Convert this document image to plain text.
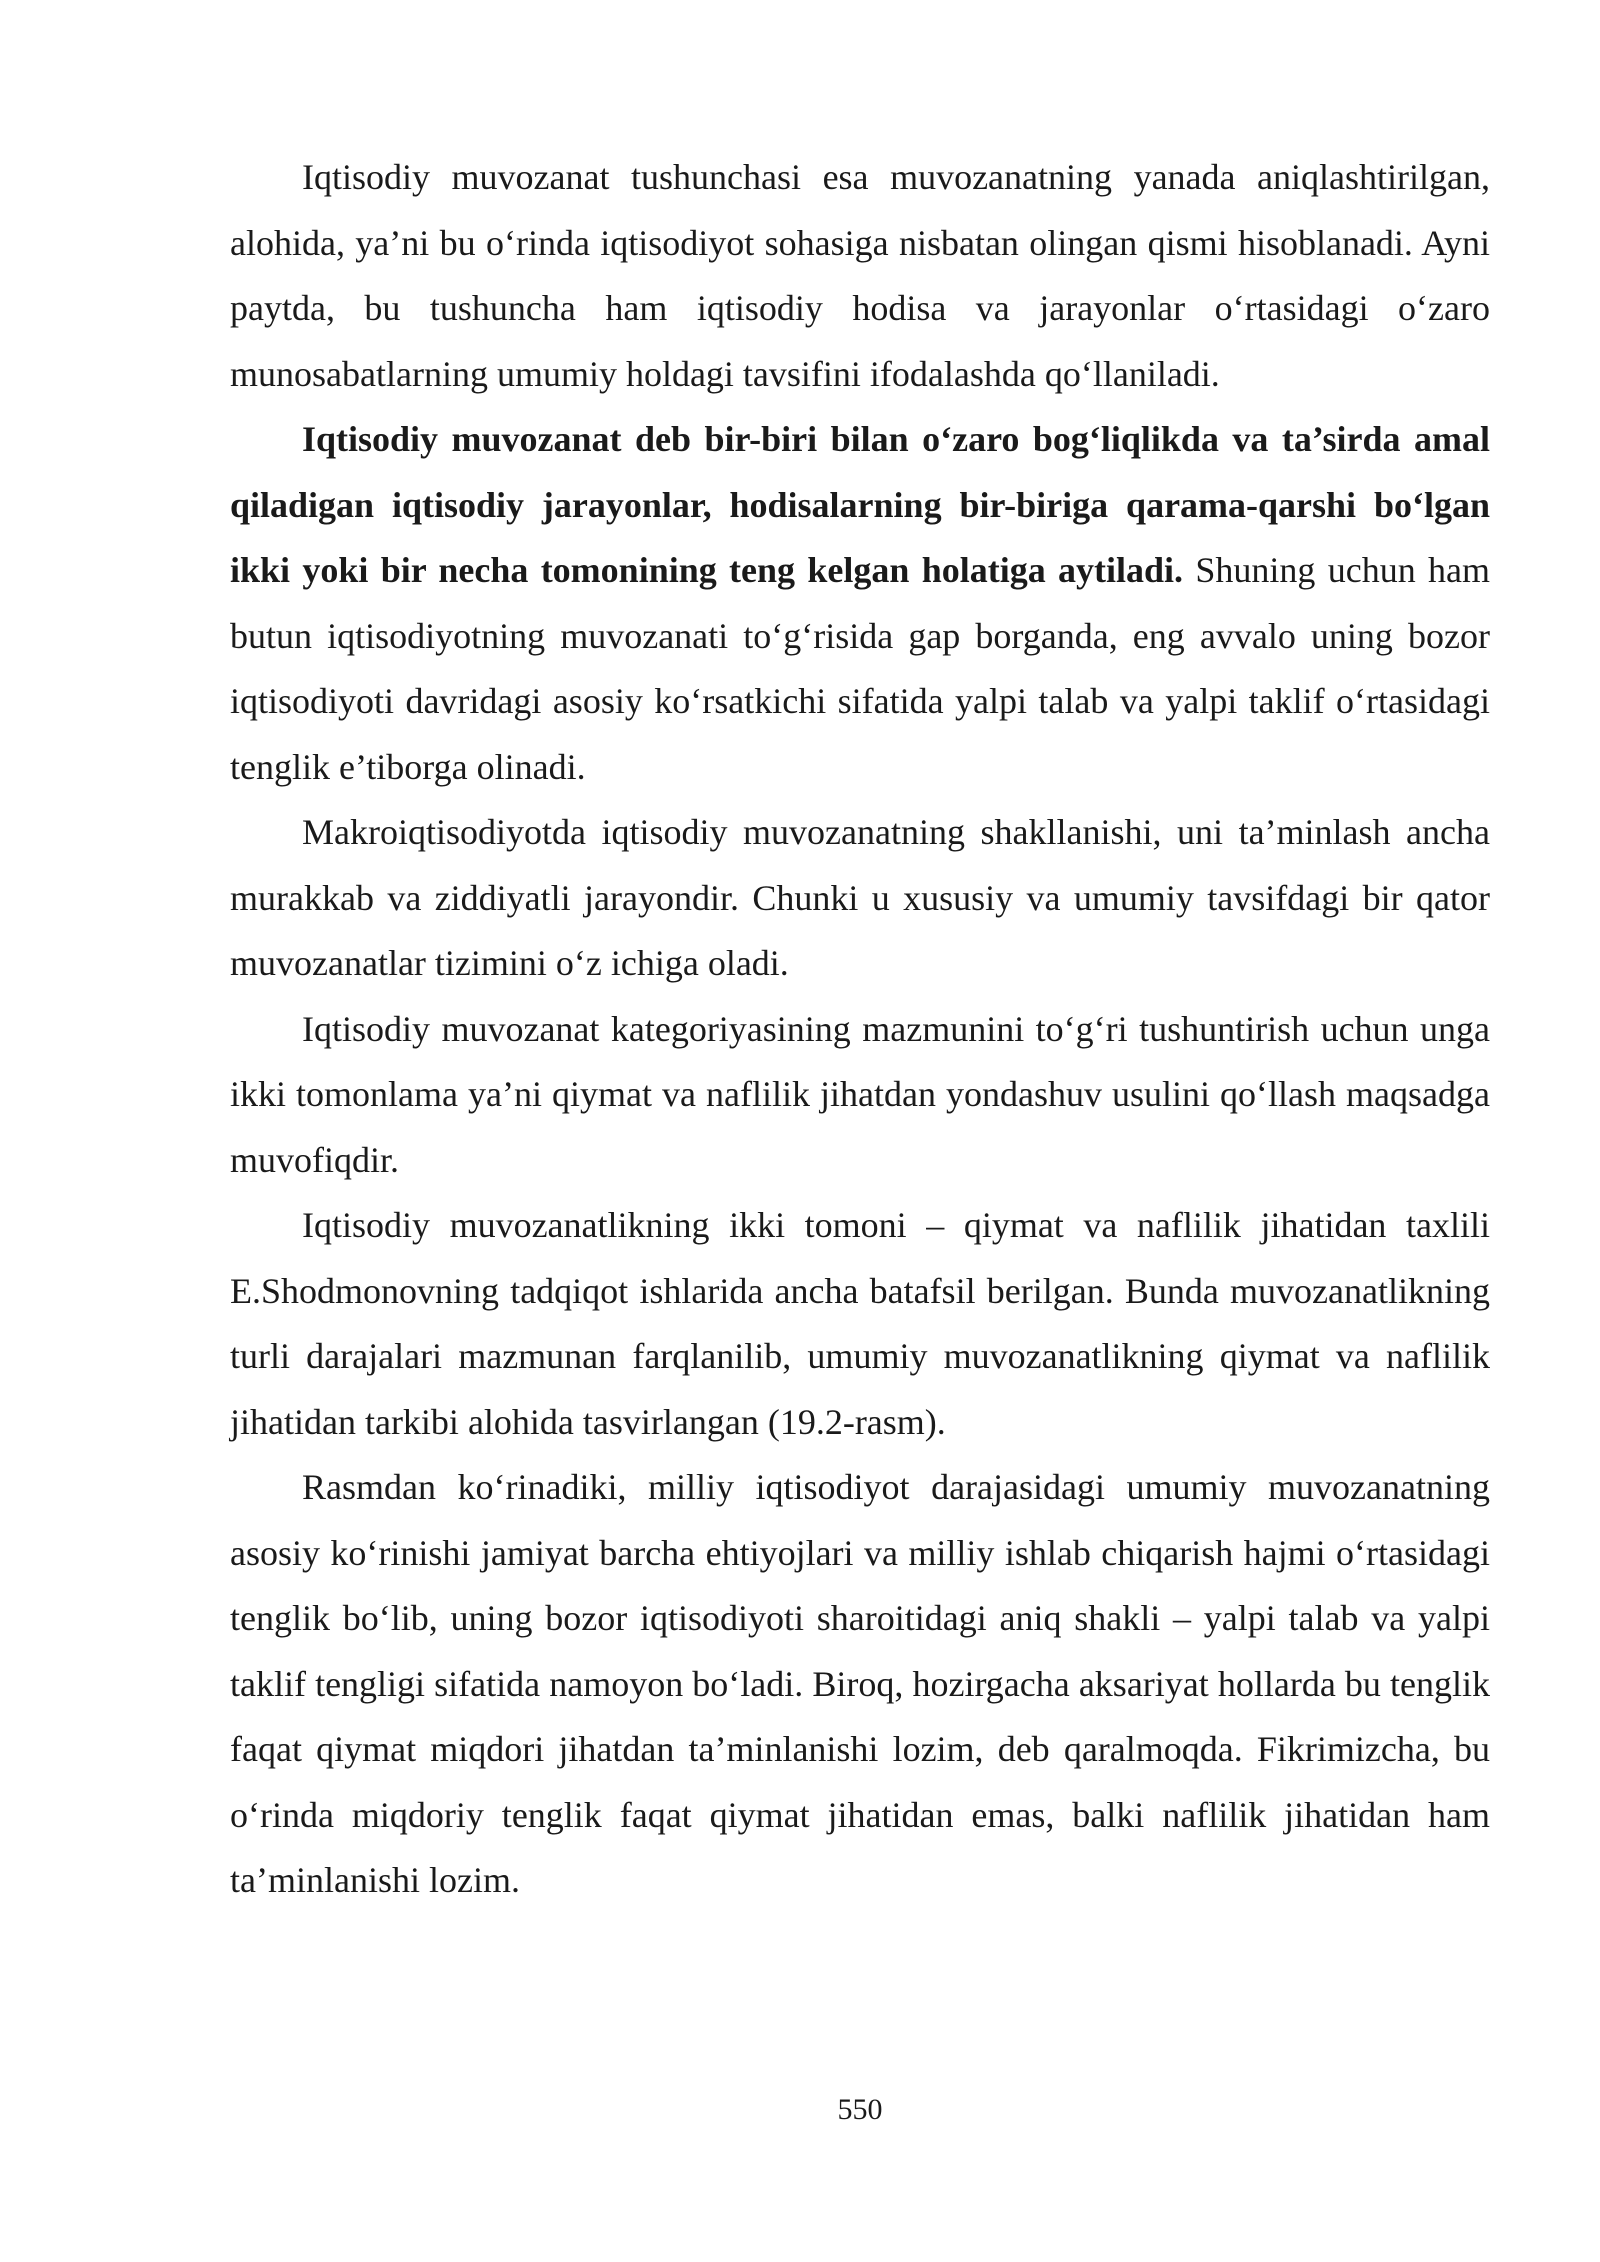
Iqtisodiy muvozanat tushunchasi esa muvozanatning yanada aniqlashtirilgan, alohida, ya’ni bu o‘rinda iqtisodiyot sohasiga nisbatan olingan qismi hisoblanadi. Ayni paytda, bu tushuncha ham iqtisodiy hodisa va jarayonlar o‘rtasidagi o‘zaro munosabatlarning umumiy holdagi tavsifini ifodalashda qo‘llaniladi.

Iqtisodiy muvozanat deb bir-biri bilan o‘zaro bog‘liqlikda va ta’sirda amal qiladigan iqtisodiy jarayonlar, hodisalarning bir-biriga qarama-qarshi bo‘lgan ikki yoki bir necha tomonining teng kelgan holatiga aytiladi. Shuning uchun ham butun iqtisodiyotning muvozanati to‘g‘risida gap borganda, eng avvalo uning bozor iqtisodiyoti davridagi asosiy ko‘rsatkichi sifatida yalpi talab va yalpi taklif o‘rtasidagi tenglik e’tiborga olinadi.

Makroiqtisodiyotda iqtisodiy muvozanatning shakllanishi, uni ta’minlash ancha murakkab va ziddiyatli jarayondir. Chunki u xususiy va umumiy tavsifdagi bir qator muvozanatlar tizimini o‘z ichiga oladi.

Iqtisodiy muvozanat kategoriyasining mazmunini to‘g‘ri tushuntirish uchun unga ikki tomonlama ya’ni qiymat va naflilik jihatdan yondashuv usulini qo‘llash maqsadga muvofiqdir.

Iqtisodiy muvozanatlikning ikki tomoni – qiymat va naflilik jihatidan taxlili E.Shodmonovning tadqiqot ishlarida ancha batafsil berilgan. Bunda muvozanatlikning turli darajalari mazmunan farqlanilib, umumiy muvozanatlikning qiymat va naflilik jihatidan tarkibi alohida tasvirlangan (19.2-rasm).

Rasmdan ko‘rinadiki, milliy iqtisodiyot darajasidagi umumiy muvozanatning asosiy ko‘rinishi jamiyat barcha ehtiyojlari va milliy ishlab chiqarish hajmi o‘rtasidagi tenglik bo‘lib, uning bozor iqtisodiyoti sharoitidagi aniq shakli – yalpi talab va yalpi taklif tengligi sifatida namoyon bo‘ladi. Biroq, hozirgacha aksariyat hollarda bu tenglik faqat qiymat miqdori jihatdan ta’minlanishi lozim, deb qaralmoqda. Fikrimizcha, bu o‘rinda miqdoriy tenglik faqat qiymat jihatidan emas, balki naflilik jihatidan ham ta’minlanishi lozim.

550
